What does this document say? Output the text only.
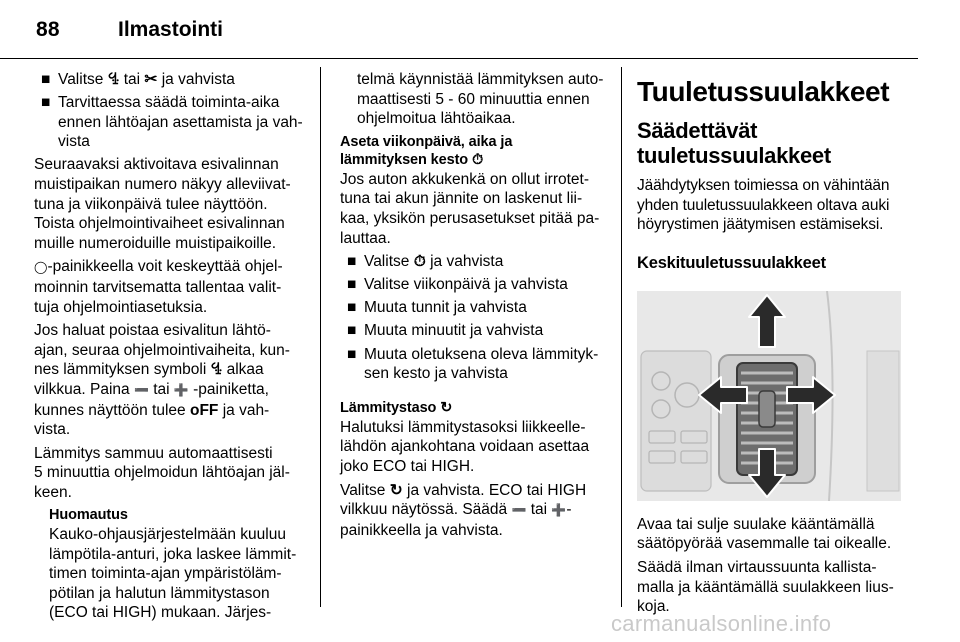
88	Ilmastointi
■ Valitse ꔈ tai ✂ ja vahvista
■ Tarvittaessa säädä toiminta-aika
ennen lähtöajan asettamista ja vah-
vista

Seuraavaksi aktivoitava esivalinnan
muistipaikan numero näkyy alleviivat-
tuna ja viikonpäivä tulee näyttöön.
Toista ohjelmointivaiheet esivalinnan
muille numeroiduille muistipaikoille.

◯-painikkeella voit keskeyttää ohjel-
moinnin tarvitsematta tallentaa valit-
tuja ohjelmointiasetuksia.

Jos haluat poistaa esivalitun lähtö-
ajan, seuraa ohjelmointivaiheita, kun-
nes lämmityksen symboli ꔈ alkaa
vilkkua. Paina ➖ tai ➕ -painiketta,
kunnes näyttöön tulee oFF ja vah-
vista.

Lämmitys sammuu automaattisesti
5 minuuttia ohjelmoidun lähtöajan jäl-
keen.

Huomautus

Kauko-ohjausjärjestelmään kuuluu
lämpötila-anturi, joka laskee lämmit-
timen toiminta-ajan ympäristöläm-
pötilan ja halutun lämmitystason
(ECO tai HIGH) mukaan. Järjes-

telmä käynnistää lämmityksen auto-
maattisesti 5 - 60 minuuttia ennen
ohjelmoitua lähtöaikaa.

Aseta viikonpäivä, aika ja
lämmityksen kesto ⏱

Jos auton akkukenkä on ollut irrotet-
tuna tai akun jännite on laskenut lii-
kaa, yksikön perusasetukset pitää pa-
lauttaa.

■ Valitse ⏱ ja vahvista
■ Valitse viikonpäivä ja vahvista
■ Muuta tunnit ja vahvista
■ Muuta minuutit ja vahvista
■ Muuta oletuksena oleva lämmityk-
sen kesto ja vahvista

Lämmitystaso ↻

Halutuksi lämmitystasoksi liikkeelle-
lähdön ajankohtana voidaan asettaa
joko ECO tai HIGH.

Valitse ↻ ja vahvista. ECO tai HIGH
vilkkuu näytössä. Säädä ➖ tai ➕-
painikkeella ja vahvista.

Tuuletussuulakkeet
Säädettävät
tuuletussuulakkeet

Jäähdytyksen toimiessa on vähintään
yhden tuuletussuulakkeen oltava auki
höyrystimen jäätymisen estämiseksi.

Keskituuletussuulakkeet

Avaa tai sulje suulake kääntämällä
säätöpyörää vasemmalle tai oikealle.

Säädä ilman virtaussuunta kallista-
malla ja kääntämällä suulakkeen lius-
koja.

carmanualsonline.info
